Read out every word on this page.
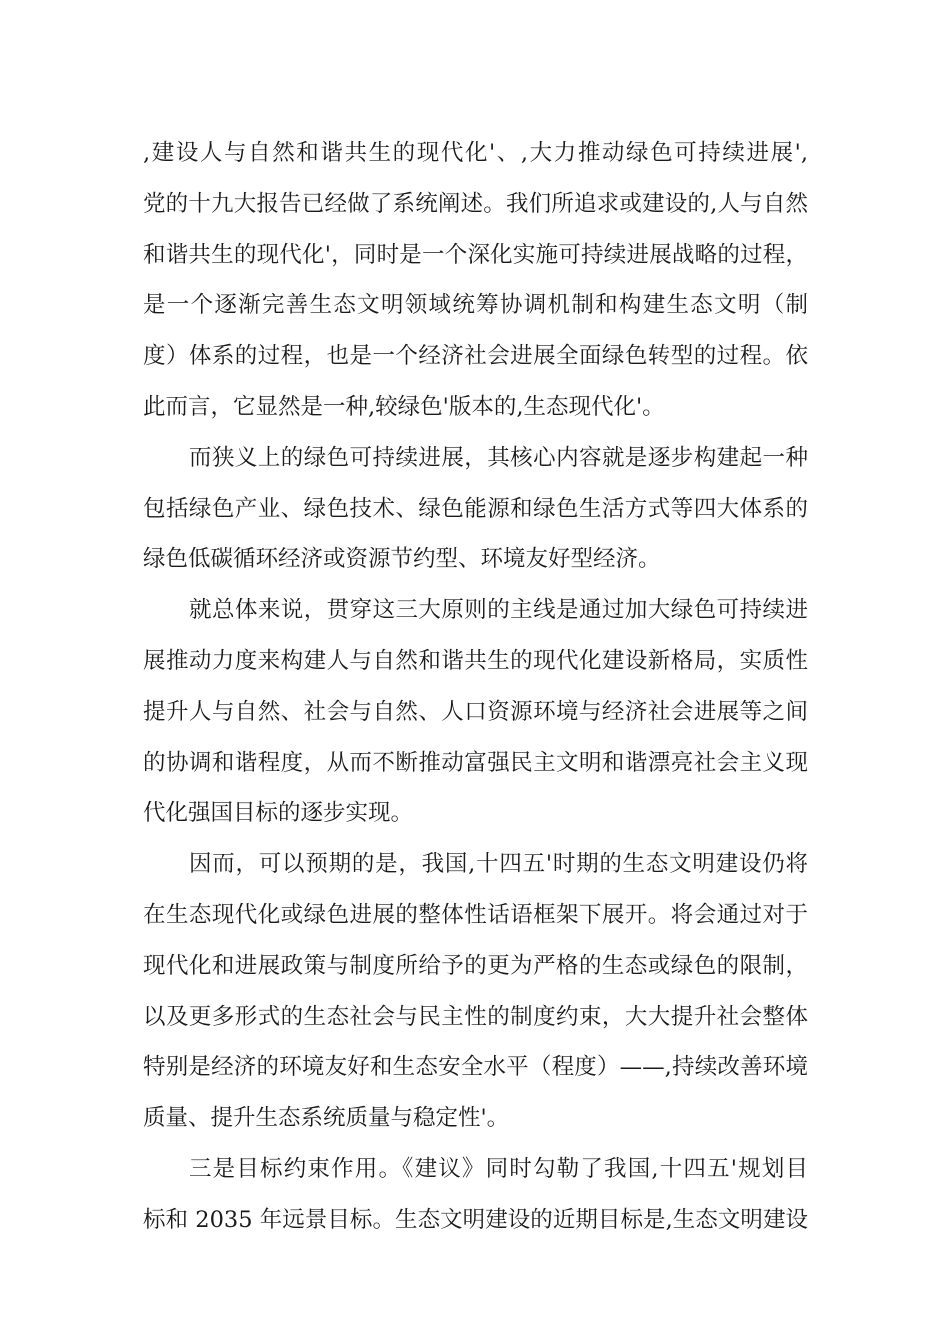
,建设人与自然和谐共生的现代化'、,大力推动绿色可持续进展',
党的十九大报告已经做了系统阐述。我们所追求或建设的,人与自然
和谐共生的现代化'，同时是一个深化实施可持续进展战略的过程，
是一个逐渐完善生态文明领域统筹协调机制和构建生态文明（制
度）体系的过程，也是一个经济社会进展全面绿色转型的过程。依
此而言，它显然是一种,较绿色'版本的,生态现代化'。
而狭义上的绿色可持续进展，其核心内容就是逐步构建起一种
包括绿色产业、绿色技术、绿色能源和绿色生活方式等四大体系的
绿色低碳循环经济或资源节约型、环境友好型经济。
就总体来说，贯穿这三大原则的主线是通过加大绿色可持续进
展推动力度来构建人与自然和谐共生的现代化建设新格局，实质性
提升人与自然、社会与自然、人口资源环境与经济社会进展等之间
的协调和谐程度，从而不断推动富强民主文明和谐漂亮社会主义现
代化强国目标的逐步实现。
因而，可以预期的是，我国,十四五'时期的生态文明建设仍将
在生态现代化或绿色进展的整体性话语框架下展开。将会通过对于
现代化和进展政策与制度所给予的更为严格的生态或绿色的限制，
以及更多形式的生态社会与民主性的制度约束，大大提升社会整体
特别是经济的环境友好和生态安全水平（程度）——,持续改善环境
质量、提升生态系统质量与稳定性'。
三是目标约束作用。《建议》同时勾勒了我国,十四五'规划目
标和 2035 年远景目标。生态文明建设的近期目标是,生态文明建设
